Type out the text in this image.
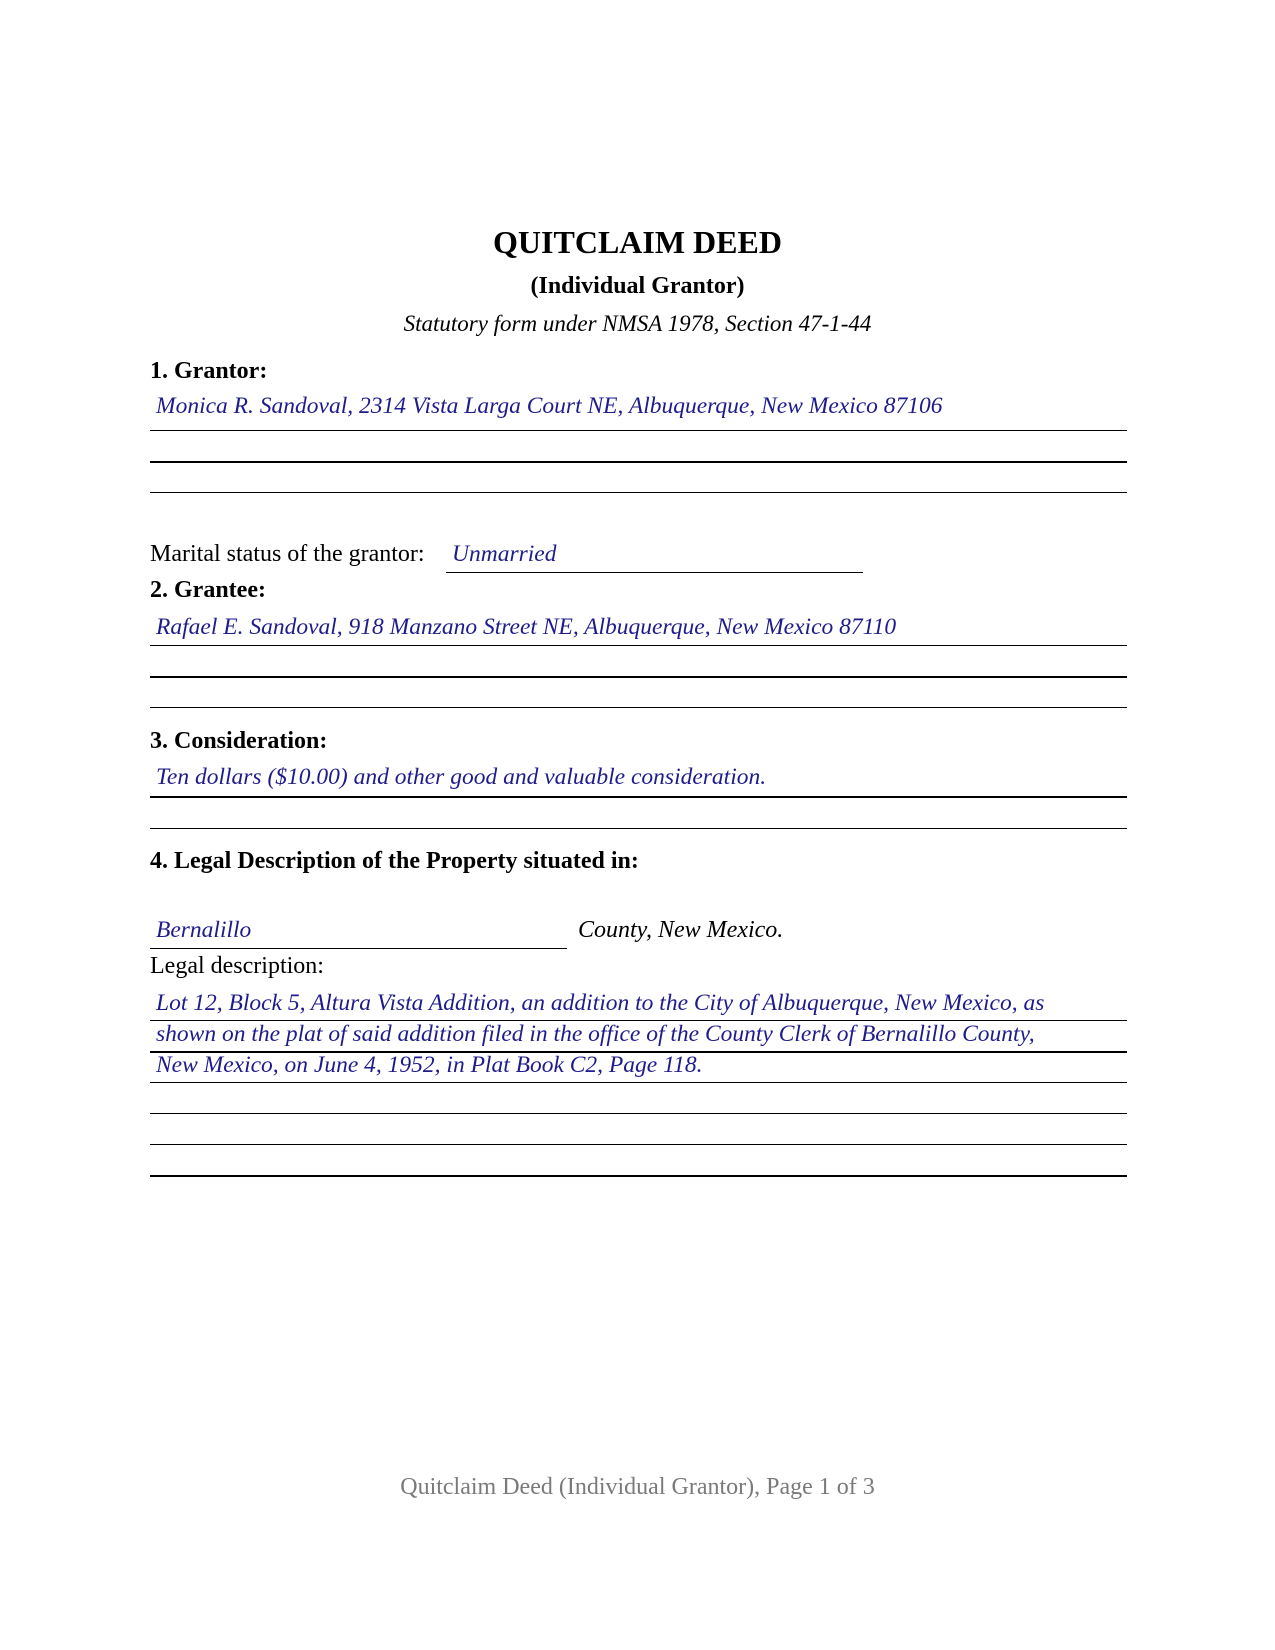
QUITCLAIM DEED
(Individual Grantor)
Statutory form under NMSA 1978, Section 47-1-44
1. Grantor:
Monica R. Sandoval, 2314 Vista Larga Court NE, Albuquerque, New Mexico 87106
Marital status of the grantor: Unmarried
2. Grantee:
Rafael E. Sandoval, 918 Manzano Street NE, Albuquerque, New Mexico 87110
3. Consideration:
Ten dollars ($10.00) and other good and valuable consideration.
4. Legal Description of the Property situated in:
Bernalillo	County, New Mexico.
Legal description:
Lot 12, Block 5, Altura Vista Addition, an addition to the City of Albuquerque, New Mexico, as
shown on the plat of said addition filed in the office of the County Clerk of Bernalillo County,
New Mexico, on June 4, 1952, in Plat Book C2, Page 118.
Quitclaim Deed (Individual Grantor), Page 1 of 3
